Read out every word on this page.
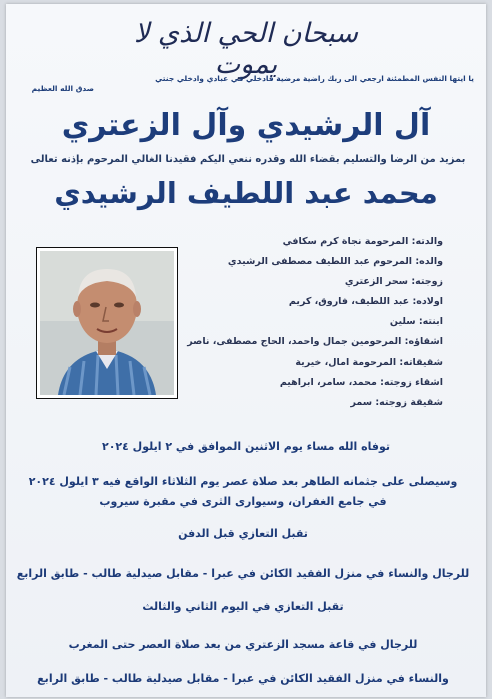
سبحان الحي الذي لا يموت
يا ايتها النفس المطمئنة ارجعي الى ربك راضية مرضية فادخلي في عبادي وادخلي جنتي
صدق الله العظيم
آل الرشيدي وآل الزعتري
بمزيد من الرضا والتسليم بقضاء الله وقدره ننعي اليكم فقيدنا الغالي المرحوم بإذنه تعالى
محمد عبد اللطيف الرشيدي
والدته: المرحومة نجاة كرم سكافي
والده: المرحوم عبد اللطيف مصطفى الرشيدي
زوجته: سحر الزعتري
اولاده: عبد اللطيف، فاروق، كريم
ابنته: سلين
اشقاؤه: المرحومين جمال واحمد، الحاج مصطفى، ناصر
شقيقاته: المرحومة امال، خيرية
اشقاء زوجته: محمد، سامر، ابراهيم
شقيقة زوجته: سمر
توفاه الله مساء يوم الاثنين الموافق في ٢ ايلول ٢٠٢٤
وسيصلى على جثمانه الطاهر بعد صلاة عصر يوم الثلاثاء الواقع فيه ٣ ايلول ٢٠٢٤
في جامع الغفران، وسيوارى الثرى في مقبرة سيروب
تقبل التعازي قبل الدفن
للرجال والنساء في منزل الفقيد الكائن في عبرا - مقابل صيدلية طالب - طابق الرابع
تقبل التعازي في اليوم الثاني والثالث
للرجال في قاعة مسجد الزعتري من بعد صلاة العصر حتى المغرب
والنساء في منزل الفقيد الكائن في عبرا - مقابل صيدلية طالب - طابق الرابع
